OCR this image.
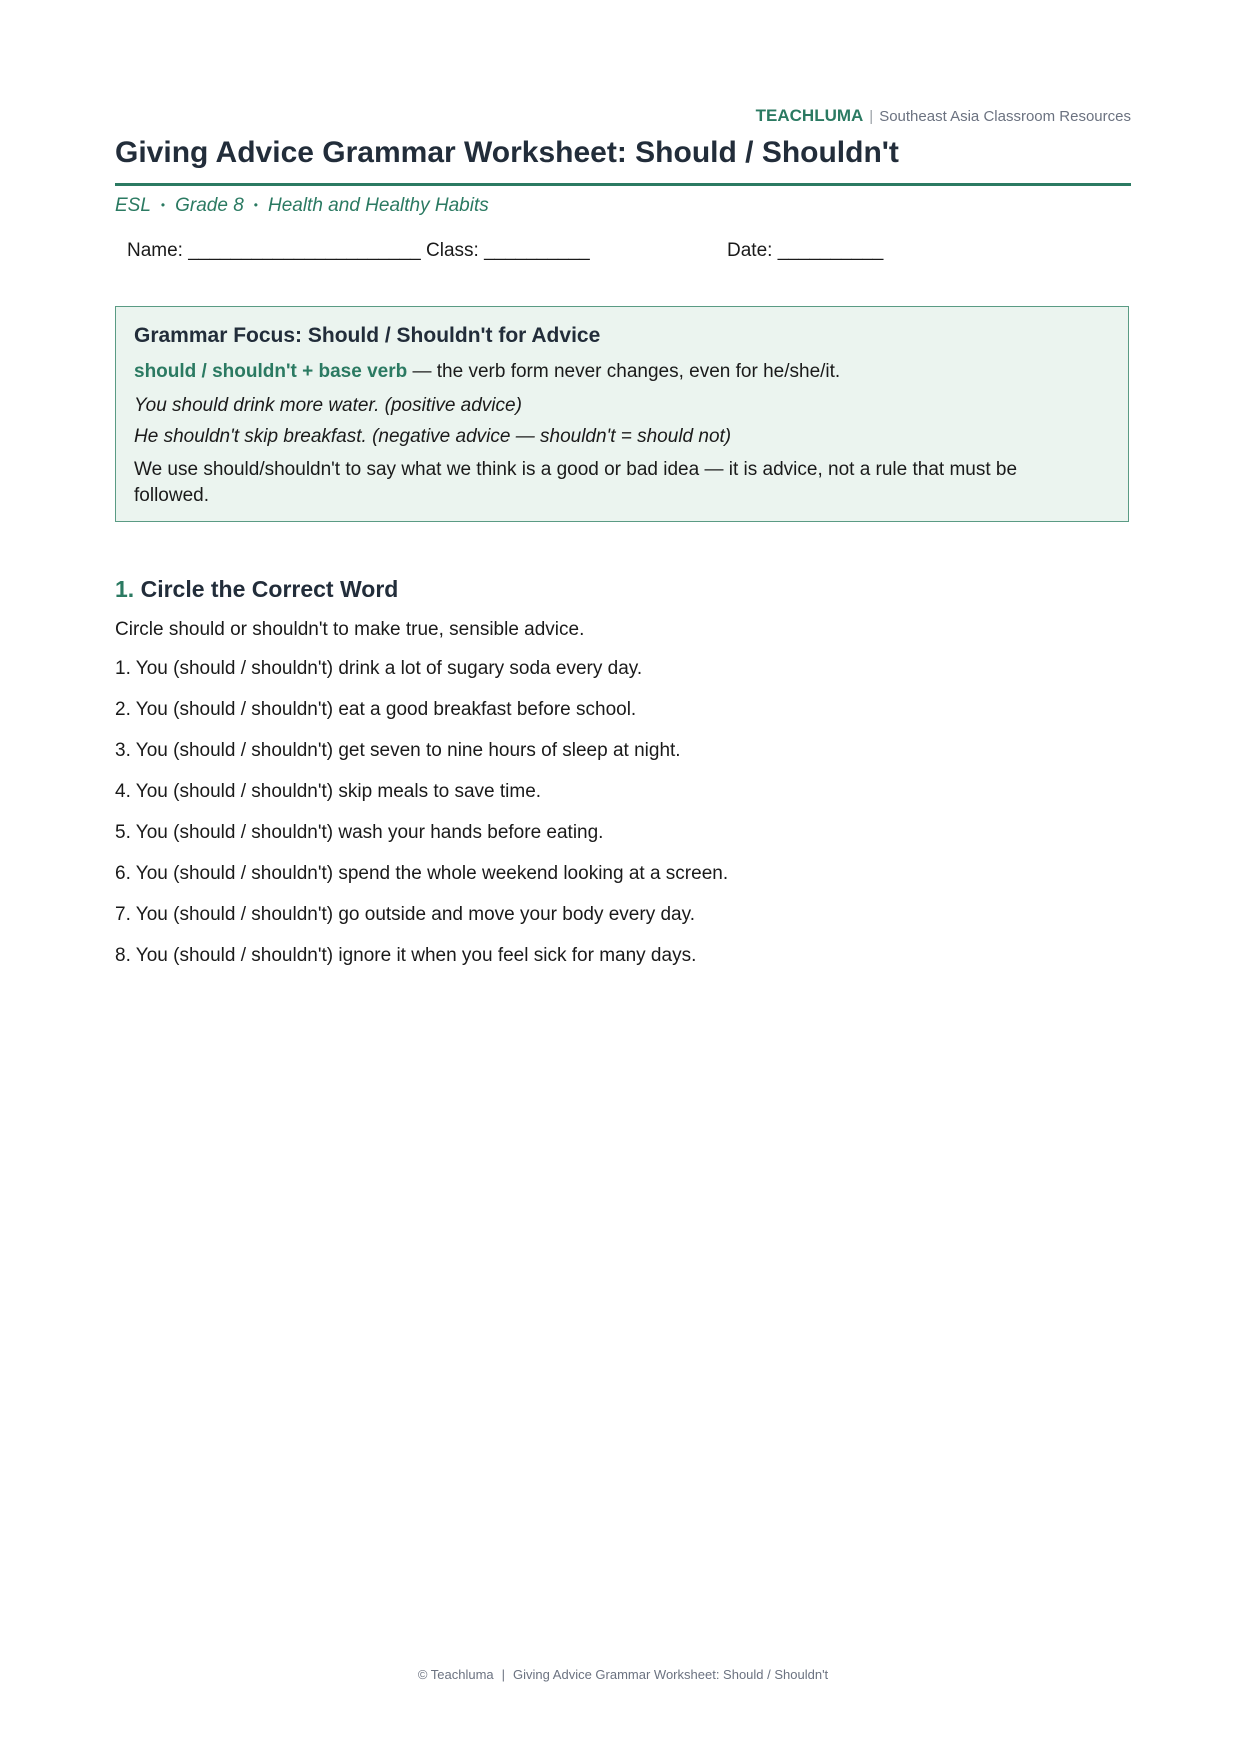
TEACHLUMA | Southeast Asia Classroom Resources
Giving Advice Grammar Worksheet: Should / Shouldn't
ESL • Grade 8 • Health and Healthy Habits
Name: ______________________ Class: __________	Date: __________
Grammar Focus: Should / Shouldn't for Advice
should / shouldn't + base verb — the verb form never changes, even for he/she/it.
You should drink more water. (positive advice)
He shouldn't skip breakfast. (negative advice — shouldn't = should not)
We use should/shouldn't to say what we think is a good or bad idea — it is advice, not a rule that must be followed.
1. Circle the Correct Word
Circle should or shouldn't to make true, sensible advice.
1. You (should / shouldn't) drink a lot of sugary soda every day.
2. You (should / shouldn't) eat a good breakfast before school.
3. You (should / shouldn't) get seven to nine hours of sleep at night.
4. You (should / shouldn't) skip meals to save time.
5. You (should / shouldn't) wash your hands before eating.
6. You (should / shouldn't) spend the whole weekend looking at a screen.
7. You (should / shouldn't) go outside and move your body every day.
8. You (should / shouldn't) ignore it when you feel sick for many days.
© Teachluma | Giving Advice Grammar Worksheet: Should / Shouldn't
